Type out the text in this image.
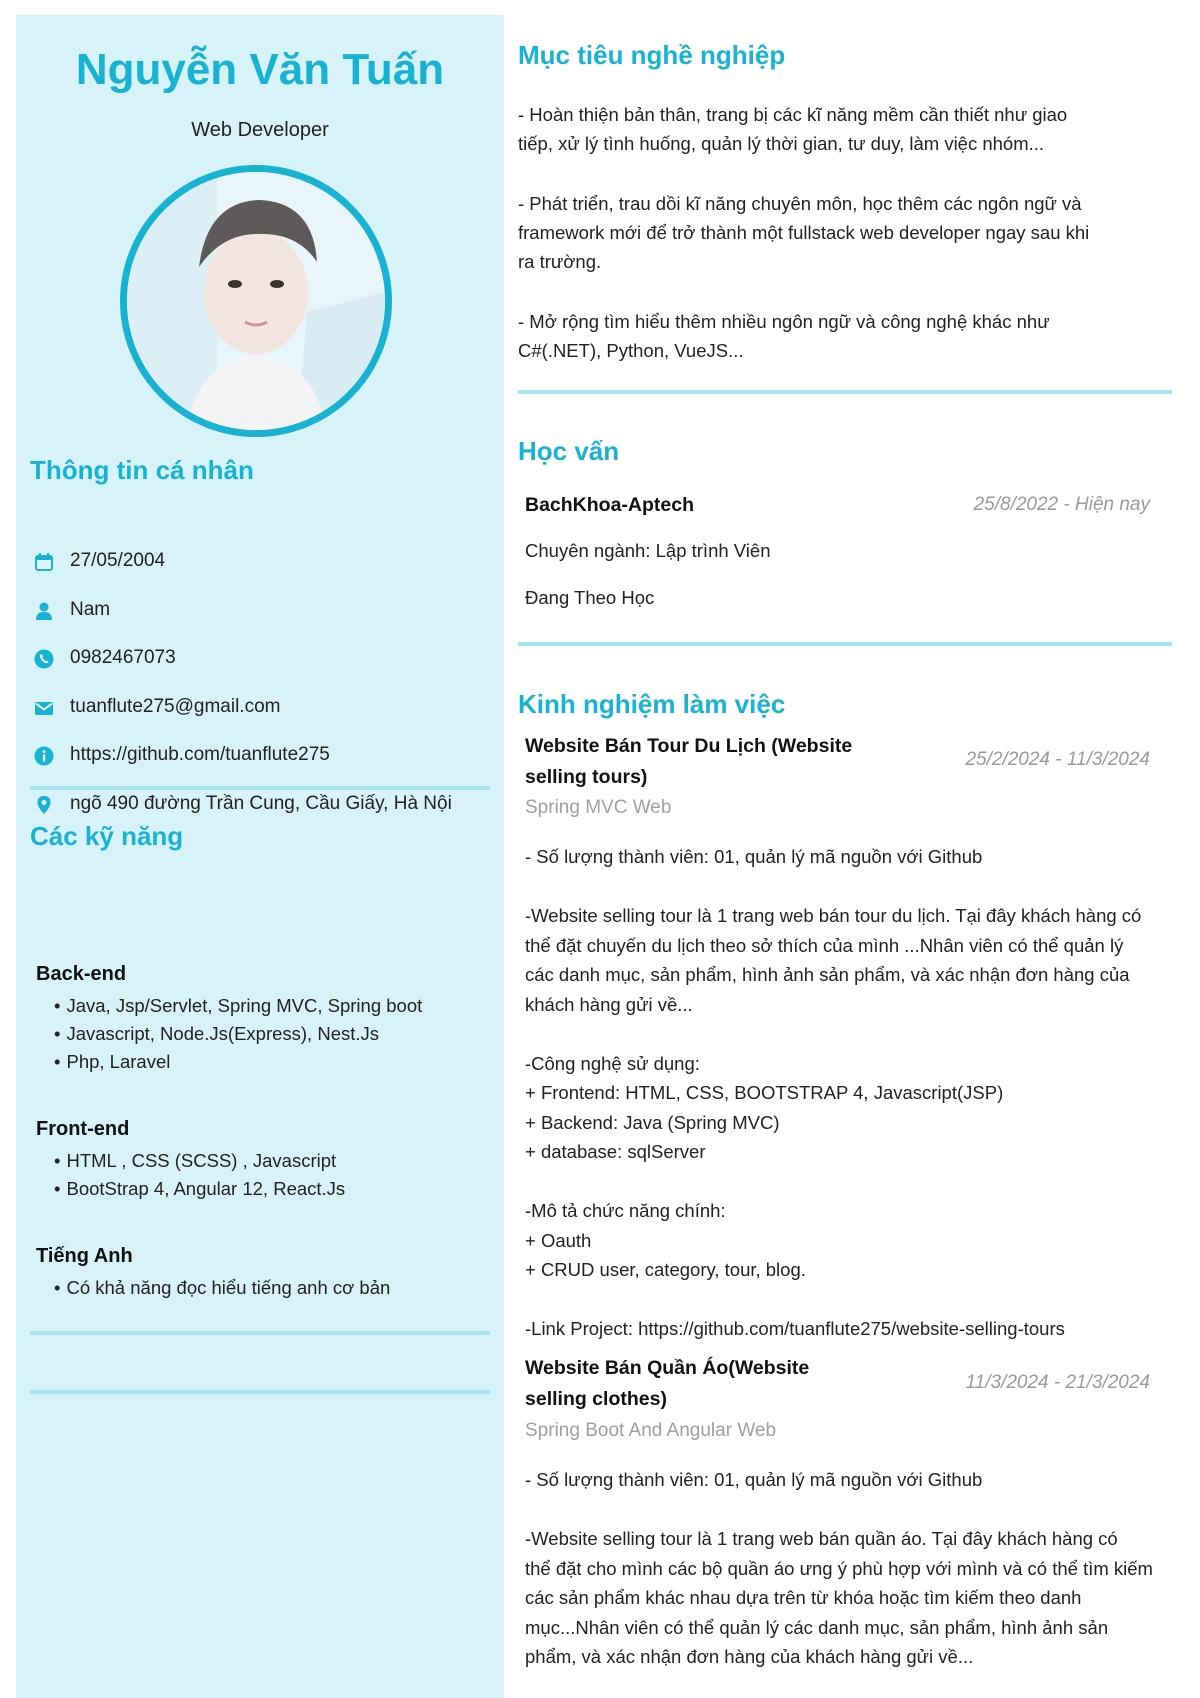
Nguyễn Văn Tuấn
Web Developer
Thông tin cá nhân
27/05/2004
Nam
0982467073
tuanflute275@gmail.com
https://github.com/tuanflute275
ngõ 490 đường Trần Cung, Cầu Giấy, Hà Nội
Các kỹ năng
Back-end
• Java, Jsp/Servlet, Spring MVC, Spring boot
• Javascript, Node.Js(Express), Nest.Js
• Php, Laravel
Front-end
• HTML , CSS (SCSS) , Javascript
• BootStrap 4, Angular 12, React.Js
Tiếng Anh
• Có khả năng đọc hiểu tiếng anh cơ bản
Mục tiêu nghề nghiệp
- Hoàn thiện bản thân, trang bị các kĩ năng mềm cần thiết như giao
tiếp, xử lý tình huống, quản lý thời gian, tư duy, làm việc nhóm...
- Phát triển, trau dồi kĩ năng chuyên môn, học thêm các ngôn ngữ và
framework mới để trở thành một fullstack web developer ngay sau khi
ra trường.
- Mở rộng tìm hiểu thêm nhiều ngôn ngữ và công nghệ khác như
C#(.NET), Python, VueJS...
Học vấn
BachKhoa-Aptech	25/8/2022 - Hiện nay
Chuyên ngành: Lập trình Viên
Đang Theo Học
Kinh nghiệm làm việc
Website Bán Tour Du Lịch (Website
selling tours)
25/2/2024 - 11/3/2024
Spring MVC Web
- Số lượng thành viên: 01, quản lý mã nguồn với Github

-Website selling tour là 1 trang web bán tour du lịch. Tại đây khách hàng có
thể đặt chuyến du lịch theo sở thích của mình ...Nhân viên có thể quản lý
các danh mục, sản phẩm, hình ảnh sản phẩm, và xác nhận đơn hàng của
khách hàng gửi về...

-Công nghệ sử dụng:
+ Frontend: HTML, CSS, BOOTSTRAP 4, Javascript(JSP)
+ Backend: Java (Spring MVC)
+ database: sqlServer

-Mô tả chức năng chính:
+ Oauth
+ CRUD user, category, tour, blog.

-Link Project: https://github.com/tuanflute275/website-selling-tours
Website Bán Quần Áo(Website
selling clothes)
11/3/2024 - 21/3/2024
Spring Boot And Angular Web
- Số lượng thành viên: 01, quản lý mã nguồn với Github

-Website selling tour là 1 trang web bán quần áo. Tại đây khách hàng có
thể đặt cho mình các bộ quần áo ưng ý phù hợp với mình và có thể tìm kiếm
các sản phẩm khác nhau dựa trên từ khóa hoặc tìm kiếm theo danh
mục...Nhân viên có thể quản lý các danh mục, sản phẩm, hình ảnh sản
phẩm, và xác nhận đơn hàng của khách hàng gửi về...
